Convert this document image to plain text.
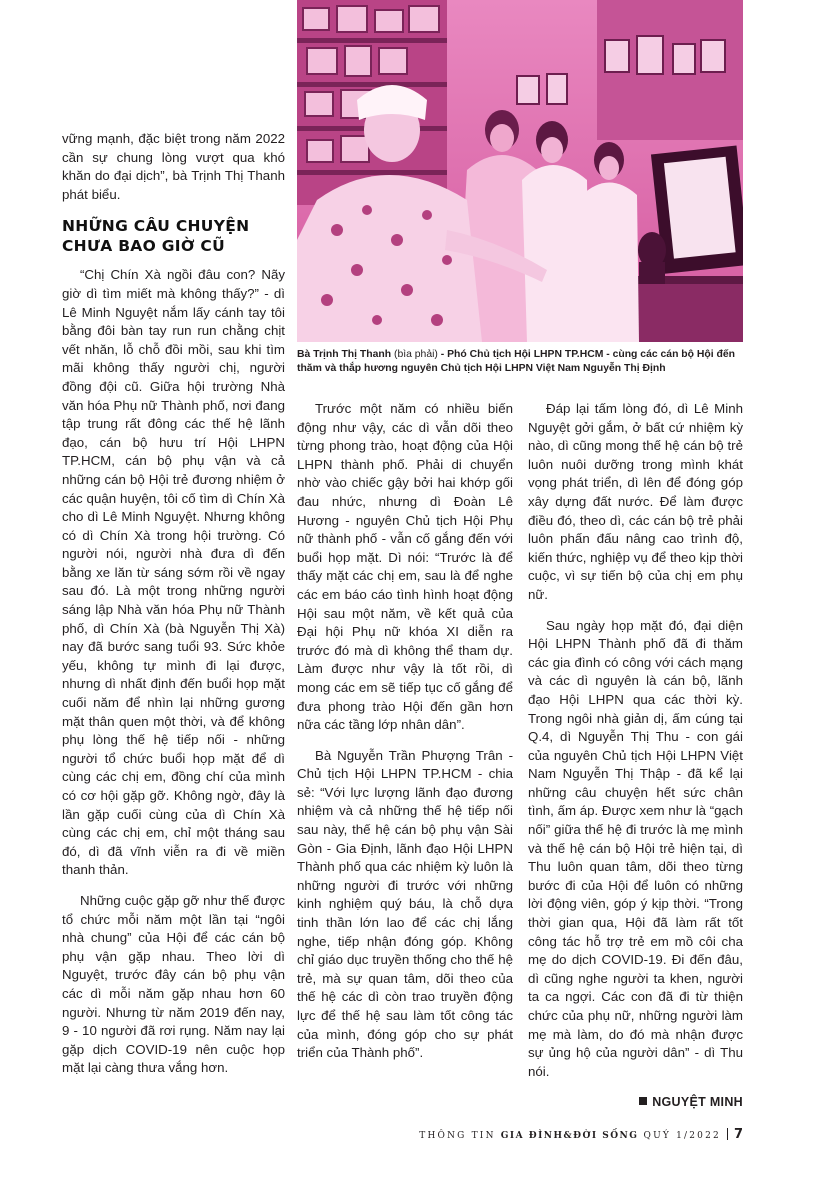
Bà Trịnh Thị Thanh (bìa phải) - Phó Chủ tịch Hội LHPN TP.HCM - cùng các cán bộ Hội đến thăm và thắp hương nguyên Chủ tịch Hội LHPN Việt Nam Nguyễn Thị Định

vững mạnh, đặc biệt trong năm 2022 cần sự chung lòng vượt qua khó khăn do đại dịch”, bà Trịnh Thị Thanh phát biểu.

NHỮNG CÂU CHUYỆN
CHƯA BAO GIỜ CŨ

“Chị Chín Xà ngồi đâu con? Nãy giờ dì tìm miết mà không thấy?” - dì Lê Minh Nguyệt nắm lấy cánh tay tôi bằng đôi bàn tay run run chằng chịt vết nhăn, lỗ chỗ đồi mồi, sau khi tìm mãi không thấy người chị, người đồng đội cũ. Giữa hội trường Nhà văn hóa Phụ nữ Thành phố, nơi đang tập trung rất đông các thế hệ lãnh đạo, cán bộ hưu trí Hội LHPN TP.HCM, cán bộ phụ vận và cả những cán bộ Hội trẻ đương nhiệm ở các quận huyện, tôi cố tìm dì Chín Xà cho dì Lê Minh Nguyệt. Nhưng không có dì Chín Xà trong hội trường. Có người nói, người nhà đưa dì đến bằng xe lăn từ sáng sớm rồi về ngay sau đó. Là một trong những người sáng lập Nhà văn hóa Phụ nữ Thành phố, dì Chín Xà (bà Nguyễn Thị Xà) nay đã bước sang tuổi 93. Sức khỏe yếu, không tự mình đi lại được, nhưng dì nhất định đến buổi họp mặt cuối năm để nhìn lại những gương mặt thân quen một thời, và để không phụ lòng thế hệ tiếp nối - những người tổ chức buổi họp mặt để dì cùng các chị em, đồng chí của mình có cơ hội gặp gỡ. Không ngờ, đây là lần gặp cuối cùng của dì Chín Xà cùng các chị em, chỉ một tháng sau đó, dì đã vĩnh viễn ra đi về miền thanh thản.

Những cuộc gặp gỡ như thế được tổ chức mỗi năm một lần tại “ngôi nhà chung” của Hội để các cán bộ phụ vận gặp nhau. Theo lời dì Nguyệt, trước đây cán bộ phụ vận các dì mỗi năm gặp nhau hơn 60 người. Nhưng từ năm 2019 đến nay, 9 - 10 người đã rơi rụng. Năm nay lại gặp dịch COVID-19 nên cuộc họp mặt lại càng thưa vắng hơn.

Trước một năm có nhiều biến động như vậy, các dì vẫn dõi theo từng phong trào, hoạt động của Hội LHPN thành phố. Phải di chuyển nhờ vào chiếc gậy bởi hai khớp gối đau nhức, nhưng dì Đoàn Lê Hương - nguyên Chủ tịch Hội Phụ nữ thành phố - vẫn cố gắng đến với buổi họp mặt. Dì nói: “Trước là để thấy mặt các chị em, sau là để nghe các em báo cáo tình hình hoạt động Hội sau một năm, về kết quả của Đại hội Phụ nữ khóa XI diễn ra trước đó mà dì không thể tham dự. Làm được như vậy là tốt rồi, dì mong các em sẽ tiếp tục cố gắng để đưa phong trào Hội đến gần hơn nữa các tầng lớp nhân dân”.

Bà Nguyễn Trần Phượng Trân - Chủ tịch Hội LHPN TP.HCM - chia sẻ: “Với lực lượng lãnh đạo đương nhiệm và cả những thế hệ tiếp nối sau này, thế hệ cán bộ phụ vận Sài Gòn - Gia Định, lãnh đạo Hội LHPN Thành phố qua các nhiệm kỳ luôn là những người đi trước với những kinh nghiệm quý báu, là chỗ dựa tinh thần lớn lao để các chị lắng nghe, tiếp nhận đóng góp. Không chỉ giáo dục truyền thống cho thế hệ trẻ, mà sự quan tâm, dõi theo của thế hệ các dì còn trao truyền động lực để thế hệ sau làm tốt công tác của mình, đóng góp cho sự phát triển của Thành phố”.

Đáp lại tấm lòng đó, dì Lê Minh Nguyệt gởi gắm, ở bất cứ nhiệm kỳ nào, dì cũng mong thế hệ cán bộ trẻ luôn nuôi dưỡng trong mình khát vọng phát triển, dì lên để đóng góp xây dựng đất nước. Để làm được điều đó, theo dì, các cán bộ trẻ phải luôn phấn đấu nâng cao trình độ, kiến thức, nghiệp vụ để theo kịp thời cuộc, vì sự tiến bộ của chị em phụ nữ.

Sau ngày họp mặt đó, đại diện Hội LHPN Thành phố đã đi thăm các gia đình có công với cách mạng và các dì nguyên là cán bộ, lãnh đạo Hội LHPN qua các thời kỳ. Trong ngôi nhà giản dị, ấm cúng tại Q.4, dì Nguyễn Thị Thu - con gái của nguyên Chủ tịch Hội LHPN Việt Nam Nguyễn Thị Thập - đã kể lại những câu chuyện hết sức chân tình, ấm áp. Được xem như là “gạch nối” giữa thế hệ đi trước là mẹ mình và thế hệ cán bộ Hội trẻ hiện tại, dì Thu luôn quan tâm, dõi theo từng bước đi của Hội để luôn có những lời động viên, góp ý kịp thời. “Trong thời gian qua, Hội đã làm rất tốt công tác hỗ trợ trẻ em mồ côi cha mẹ do dịch COVID-19. Đi đến đâu, dì cũng nghe người ta khen, người ta ca ngợi. Các con đã đi từ thiện chức của phụ nữ, những người làm mẹ mà làm, do đó mà nhận được sự ủng hộ của người dân” - dì Thu nói.

NGUYỆT MINH
THÔNG TIN GIA ĐÌNH&ĐỜI SỐNG QUÝ 1/2022 7
